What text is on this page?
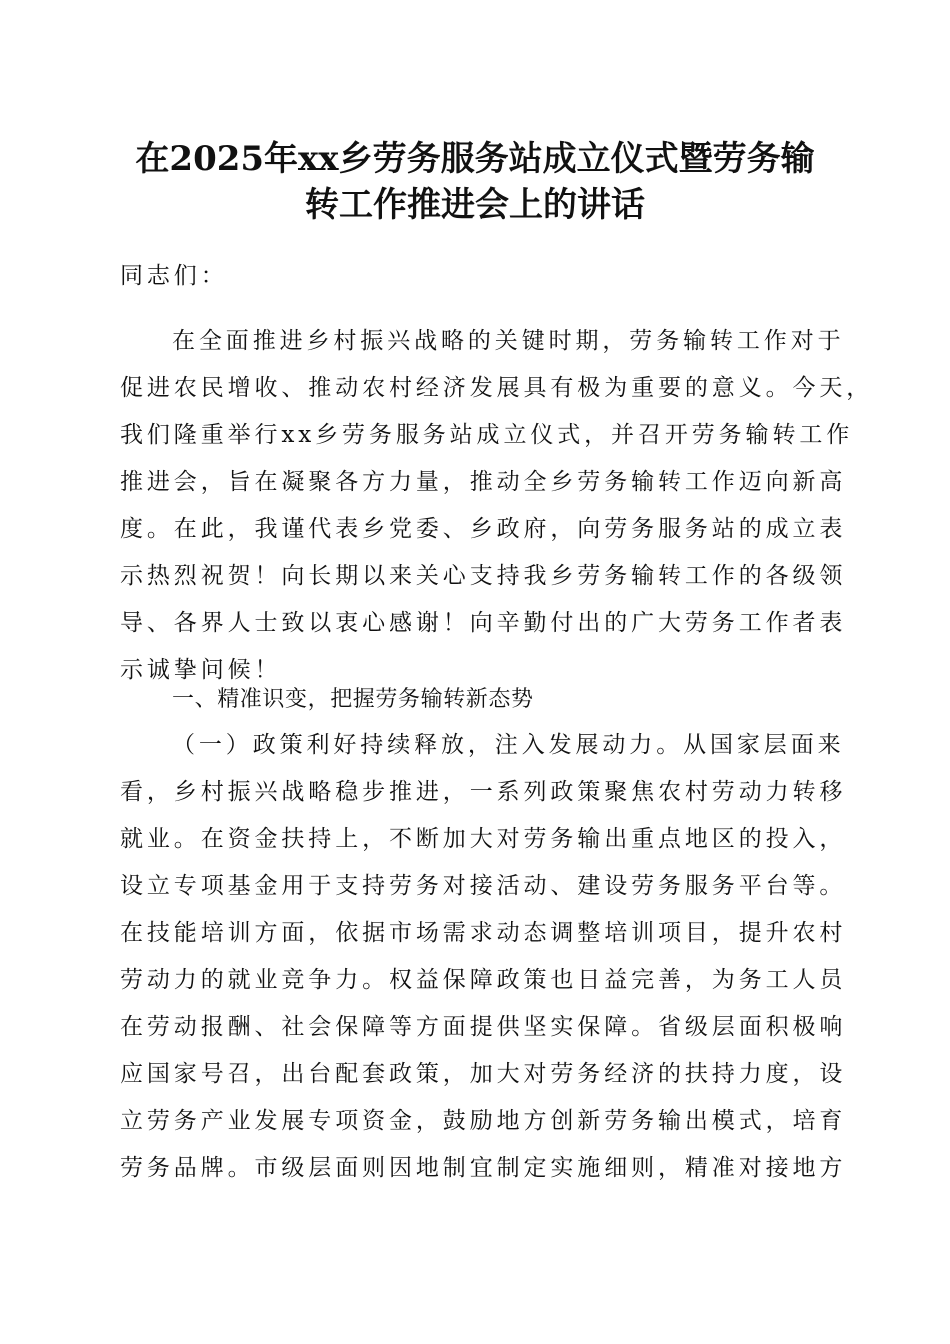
在2025年xx乡劳务服务站成立仪式暨劳务输
转工作推进会上的讲话
同志们：
在全面推进乡村振兴战略的关键时期，劳务输转工作对于
促进农民增收、推动农村经济发展具有极为重要的意义。今天，
我们隆重举行xx乡劳务服务站成立仪式，并召开劳务输转工作
推进会，旨在凝聚各方力量，推动全乡劳务输转工作迈向新高
度。在此，我谨代表乡党委、乡政府，向劳务服务站的成立表
示热烈祝贺！向长期以来关心支持我乡劳务输转工作的各级领
导、各界人士致以衷心感谢！向辛勤付出的广大劳务工作者表
示诚挚问候！
一、精准识变，把握劳务输转新态势
（一）政策利好持续释放，注入发展动力。从国家层面来
看，乡村振兴战略稳步推进，一系列政策聚焦农村劳动力转移
就业。在资金扶持上，不断加大对劳务输出重点地区的投入，
设立专项基金用于支持劳务对接活动、建设劳务服务平台等。
在技能培训方面，依据市场需求动态调整培训项目，提升农村
劳动力的就业竞争力。权益保障政策也日益完善，为务工人员
在劳动报酬、社会保障等方面提供坚实保障。省级层面积极响
应国家号召，出台配套政策，加大对劳务经济的扶持力度，设
立劳务产业发展专项资金，鼓励地方创新劳务输出模式，培育
劳务品牌。市级层面则因地制宜制定实施细则，精准对接地方
